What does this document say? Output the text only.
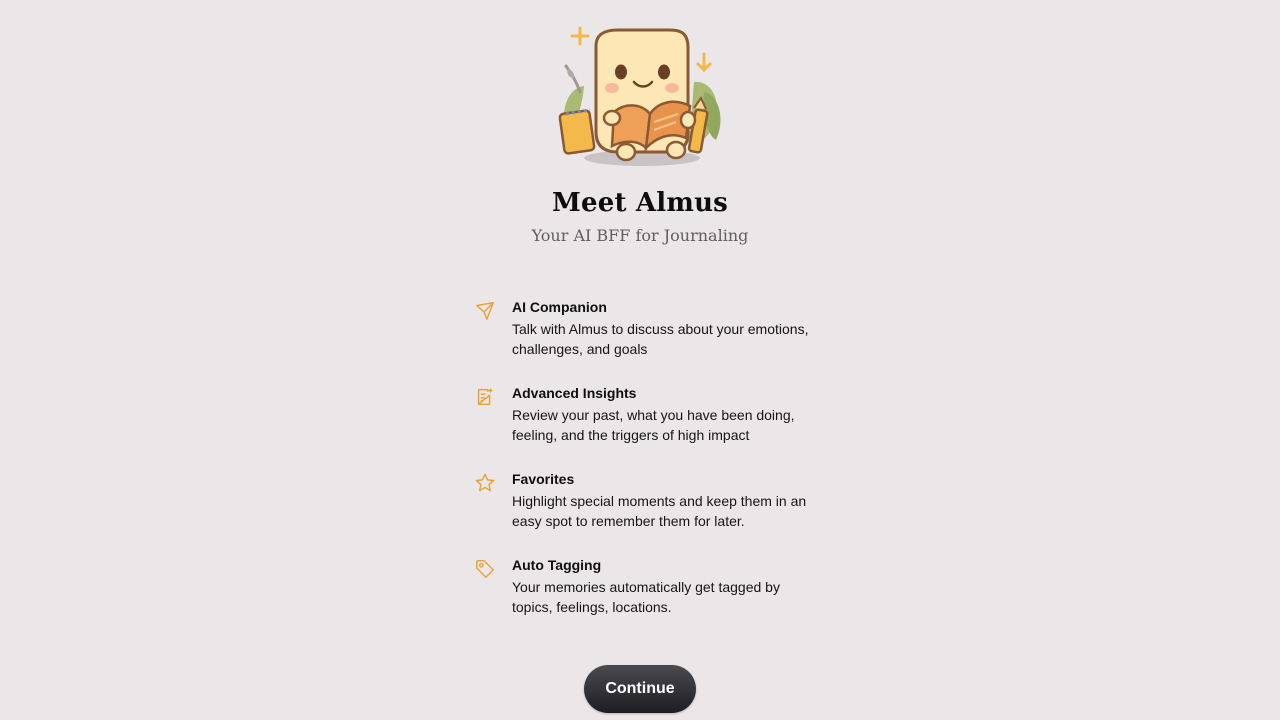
Meet Almus
Your AI BFF for Journaling
AI Companion
Talk with Almus to discuss about your emotions, challenges, and goals
Advanced Insights
Review your past, what you have been doing, feeling, and the triggers of high impact
Favorites
Highlight special moments and keep them in an easy spot to remember them for later.
Auto Tagging
Your memories automatically get tagged by topics, feelings, locations.
Continue
